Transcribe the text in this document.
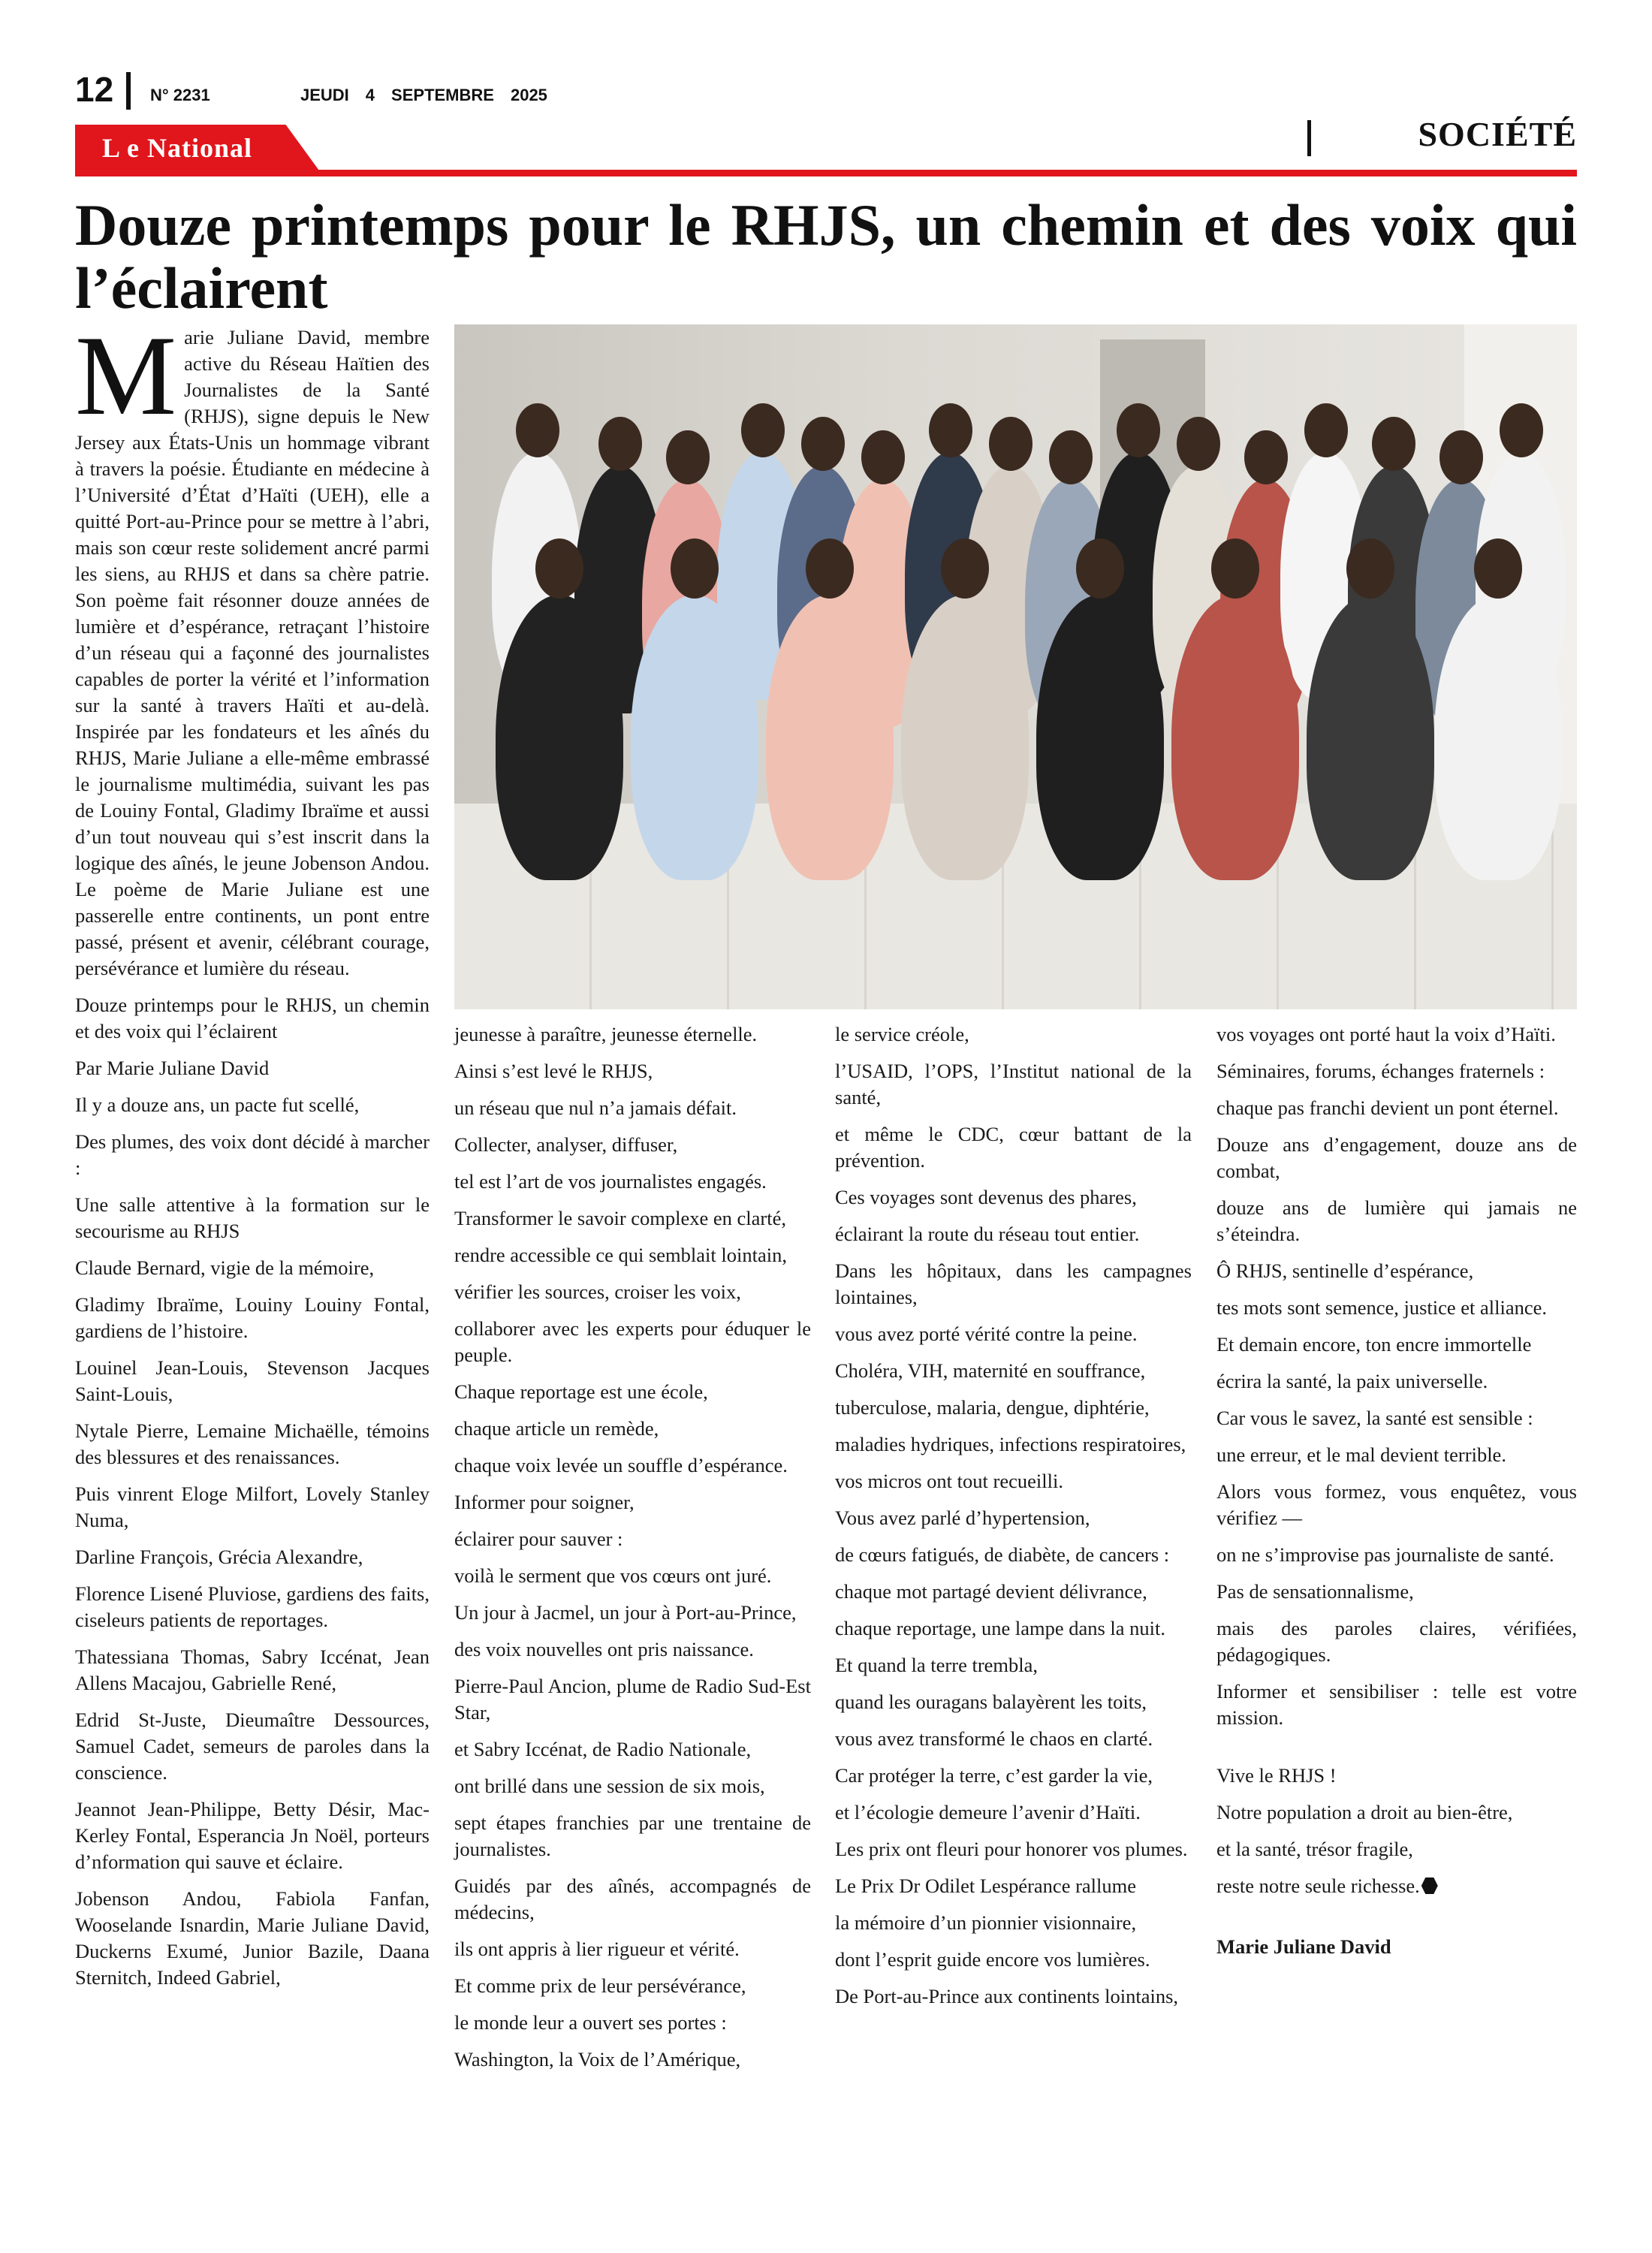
12 N° 2231	JEUDI 4 SEPTEMBRE 2025
L e National	SOCIÉTÉ
Douze printemps pour le RHJS, un chemin et des voix qui l’éclairent

Marie Juliane David, membre active du Réseau Haïtien des Journalistes de la Santé (RHJS), signe depuis le New Jersey aux États-Unis un hommage vibrant à travers la poésie. Étudiante en médecine à l’Université d’État d’Haïti (UEH), elle a quitté Port-au-Prince pour se mettre à l’abri, mais son cœur reste solidement ancré parmi les siens, au RHJS et dans sa chère patrie. Son poème fait résonner douze années de lumière et d’espérance, retraçant l’histoire d’un réseau qui a façonné des journalistes capables de porter la vérité et l’information sur la santé à travers Haïti et au-delà. Inspirée par les fondateurs et les aînés du RHJS, Marie Juliane a elle-même embrassé le journalisme multimédia, suivant les pas de Louiny Fontal, Gladimy Ibraïme et aussi d’un tout nouveau qui s’est inscrit dans la logique des aînés, le jeune Jobenson Andou. Le poème de Marie Juliane est une passerelle entre continents, un pont entre passé, présent et avenir, célébrant courage, persévérance et lumière du réseau.

Douze printemps pour le RHJS, un chemin et des voix qui l’éclairent

Par Marie Juliane David

Il y a douze ans, un pacte fut scellé,

Des plumes, des voix dont décidé à marcher :

Une salle attentive à la formation sur le secourisme au RHJS

Claude Bernard, vigie de la mémoire,

Gladimy Ibraïme, Louiny Louiny Fontal, gardiens de l’histoire.

Louinel Jean-Louis, Stevenson Jacques Saint-Louis,

Nytale Pierre, Lemaine Michaëlle, témoins des blessures et des renaissances.

Puis vinrent Eloge Milfort, Lovely Stanley Numa,

Darline François, Grécia Alexandre,

Florence Lisené Pluviose, gardiens des faits, ciseleurs patients de reportages.

Thatessiana Thomas, Sabry Iccénat, Jean Allens Macajou, Gabrielle René,

Edrid St-Juste, Dieumaître Dessources, Samuel Cadet, semeurs de paroles dans la conscience.

Jeannot Jean-Philippe, Betty Désir, Mac-Kerley Fontal, Esperancia Jn Noël, porteurs d’nformation qui sauve et éclaire.

Jobenson Andou, Fabiola Fanfan, Wooselande Isnardin, Marie Juliane David, Duckerns Exumé, Junior Bazile, Daana Sternitch, Indeed Gabriel,

jeunesse à paraître, jeunesse éternelle.

Ainsi s’est levé le RHJS,

un réseau que nul n’a jamais défait.

Collecter, analyser, diffuser,

tel est l’art de vos journalistes engagés.

Transformer le savoir complexe en clarté,

rendre accessible ce qui semblait lointain,

vérifier les sources, croiser les voix,

collaborer avec les experts pour éduquer le peuple.

Chaque reportage est une école,

chaque article un remède,

chaque voix levée un souffle d’espérance.

Informer pour soigner,

éclairer pour sauver :

voilà le serment que vos cœurs ont juré.

Un jour à Jacmel, un jour à Port-au-Prince,

des voix nouvelles ont pris naissance.

Pierre-Paul Ancion, plume de Radio Sud-Est Star,

et Sabry Iccénat, de Radio Nationale,

ont brillé dans une session de six mois,

sept étapes franchies par une trentaine de journalistes.

Guidés par des aînés, accompagnés de médecins,

ils ont appris à lier rigueur et vérité.

Et comme prix de leur persévérance,

le monde leur a ouvert ses portes :

Washington, la Voix de l’Amérique,

le service créole,

l’USAID, l’OPS, l’Institut national de la santé,

et même le CDC, cœur battant de la prévention.

Ces voyages sont devenus des phares,

éclairant la route du réseau tout entier.

Dans les hôpitaux, dans les campagnes lointaines,

vous avez porté vérité contre la peine.

Choléra, VIH, maternité en souffrance,

tuberculose, malaria, dengue, diphtérie,

maladies hydriques, infections respiratoires,

vos micros ont tout recueilli.

Vous avez parlé d’hypertension,

de cœurs fatigués, de diabète, de cancers :

chaque mot partagé devient délivrance,

chaque reportage, une lampe dans la nuit.

Et quand la terre trembla,

quand les ouragans balayèrent les toits,

vous avez transformé le chaos en clarté.

Car protéger la terre, c’est garder la vie,

et l’écologie demeure l’avenir d’Haïti.

Les prix ont fleuri pour honorer vos plumes.

Le Prix Dr Odilet Lespérance rallume

la mémoire d’un pionnier visionnaire,

dont l’esprit guide encore vos lumières.

De Port-au-Prince aux continents lointains,

vos voyages ont porté haut la voix d’Haïti.

Séminaires, forums, échanges fraternels :

chaque pas franchi devient un pont éternel.

Douze ans d’engagement, douze ans de combat,

douze ans de lumière qui jamais ne s’éteindra.

Ô RHJS, sentinelle d’espérance,

tes mots sont semence, justice et alliance.

Et demain encore, ton encre immortelle

écrira la santé, la paix universelle.

Car vous le savez, la santé est sensible :

une erreur, et le mal devient terrible.

Alors vous formez, vous enquêtez, vous vérifiez —

on ne s’improvise pas journaliste de santé.

Pas de sensationnalisme,

mais des paroles claires, vérifiées, pédagogiques.

Informer et sensibiliser : telle est votre mission.

Vive le RHJS !

Notre population a droit au bien-être,

et la santé, trésor fragile,

reste notre seule richesse.

Marie Juliane David
